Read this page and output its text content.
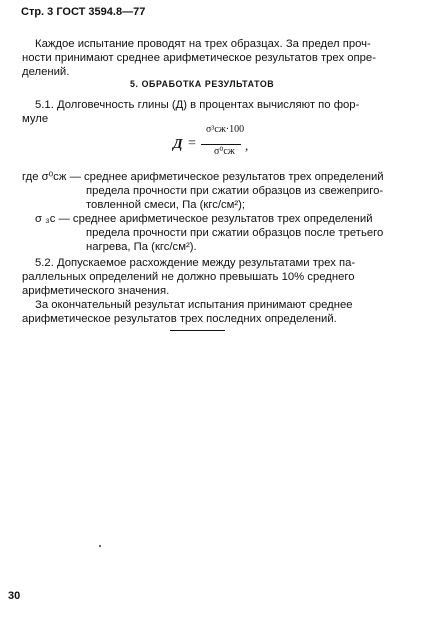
Стр. 3 ГОСТ 3594.8—77
Каждое испытание проводят на трех образцах. За предел проч-
ности принимают среднее арифметическое результатов трех опре-
делений.
5. ОБРАБОТКА РЕЗУЛЬТАТОВ
5.1. Долговечность глины (Д) в процентах вычисляют по фор-
муле
Д =
σ³сж·100
σ⁰сж ,
где σ⁰сж — среднее арифметическое результатов трех определений
предела прочности при сжатии образцов из свежеприго-
товленной смеси, Па (кгс/см²);
σ ₃с — среднее арифметическое результатов трех определений
предела прочности при сжатии образцов после третьего
нагрева, Па (кгс/см²).
5.2. Допускаемое расхождение между результатами трех па-
раллельных определений не должно превышать 10% среднего
арифметического значения.
За окончательный результат испытания принимают среднее
арифметическое результатов трех последних определений.
30
